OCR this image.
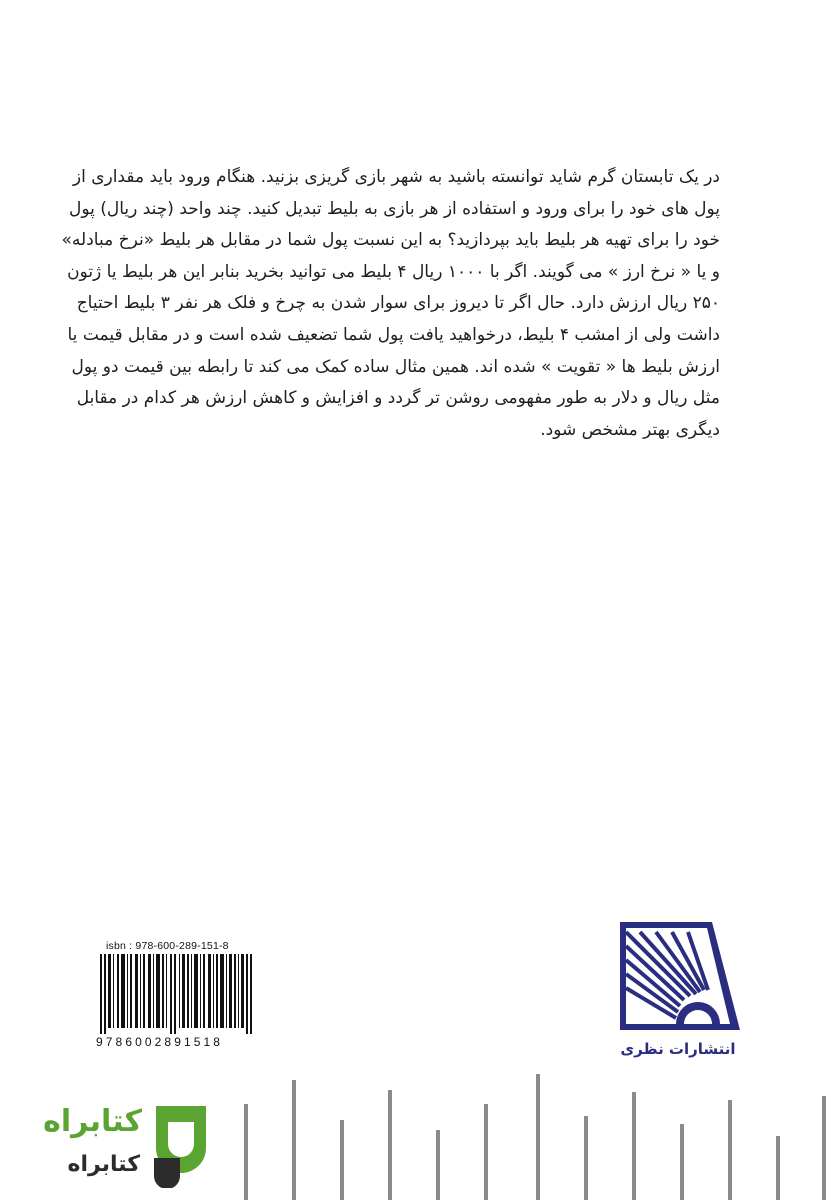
در یک تابستان گرم شاید توانسته باشید به شهر بازی گریزی بزنید. هنگام ورود باید مقداری از
پول های خود را برای ورود و استفاده از هر بازی به بلیط تبدیل کنید. چند واحد (چند ریال) پول
خود را برای تهیه هر بلیط باید بپردازید؟ به این نسبت پول شما در مقابل هر بلیط «نرخ مبادله»
و یا « نرخ ارز » می گویند. اگر با ۱۰۰۰ ریال ۴ بلیط می توانید بخرید بنابر این هر بلیط یا ژتون
۲۵۰ ریال ارزش دارد. حال اگر تا دیروز برای سوار شدن به چرخ و فلک هر نفر ۳ بلیط احتیاج
داشت ولی از امشب ۴ بلیط، درخواهید یافت پول شما تضعیف شده است و در مقابل قیمت یا
ارزش بلیط ها « تقویت » شده اند. همین مثال ساده کمک می کند تا رابطه بین قیمت دو پول
مثل ریال و دلار به طور مفهومی روشن تر گردد و افزایش و کاهش ارزش هر کدام در مقابل
دیگری بهتر مشخص شود.
isbn : 978-600-289-151-8
9786002891518	انتشارات نظری
کتابراه
کتابراه
